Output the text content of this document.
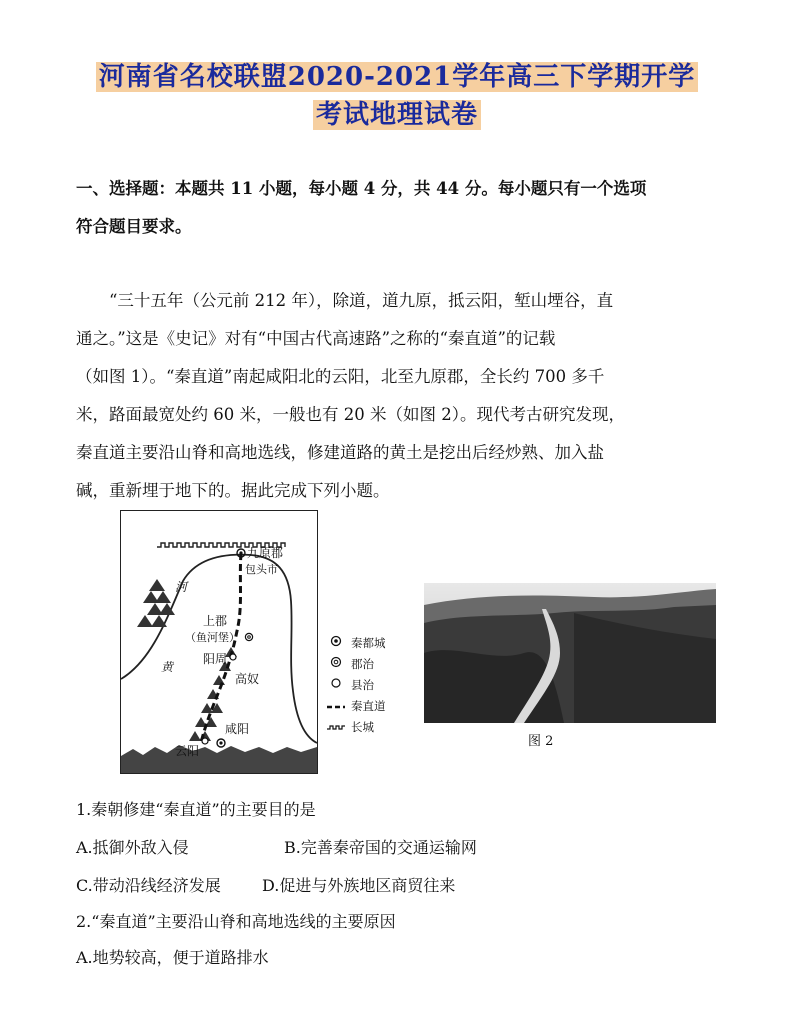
河南省名校联盟2020-2021学年高三下学期开学
考试地理试卷
一、选择题：本题共 11 小题，每小题 4 分，共 44 分。每小题只有一个选项
符合题目要求。

　　“三十五年（公元前 212 年），除道，道九原，抵云阳，堑山堙谷，直

通之。”这是《史记》对有“中国古代高速路”之称的“秦直道”的记载

（如图 1）。“秦直道”南起咸阳北的云阳，北至九原郡，全长约 700 多千

米，路面最宽处约 60 米，一般也有 20 米（如图 2）。现代考古研究发现，

秦直道主要沿山脊和高地选线，修建道路的黄土是挖出后经炒熟、加入盐

碱，重新埋于地下的。据此完成下列小题。

九原郡
包头市
河
上郡
（鱼河堡）
黄
阳周
高奴
咸阳
云阳
秦都城
郡治
县治
秦直道
长城
图 2
1.秦朝修建“秦直道”的主要目的是
A.抵御外敌入侵	B.完善秦帝国的交通运输网
C.带动沿线经济发展	D.促进与外族地区商贸往来
2.“秦直道”主要沿山脊和高地选线的主要原因
A.地势较高，便于道路排水
